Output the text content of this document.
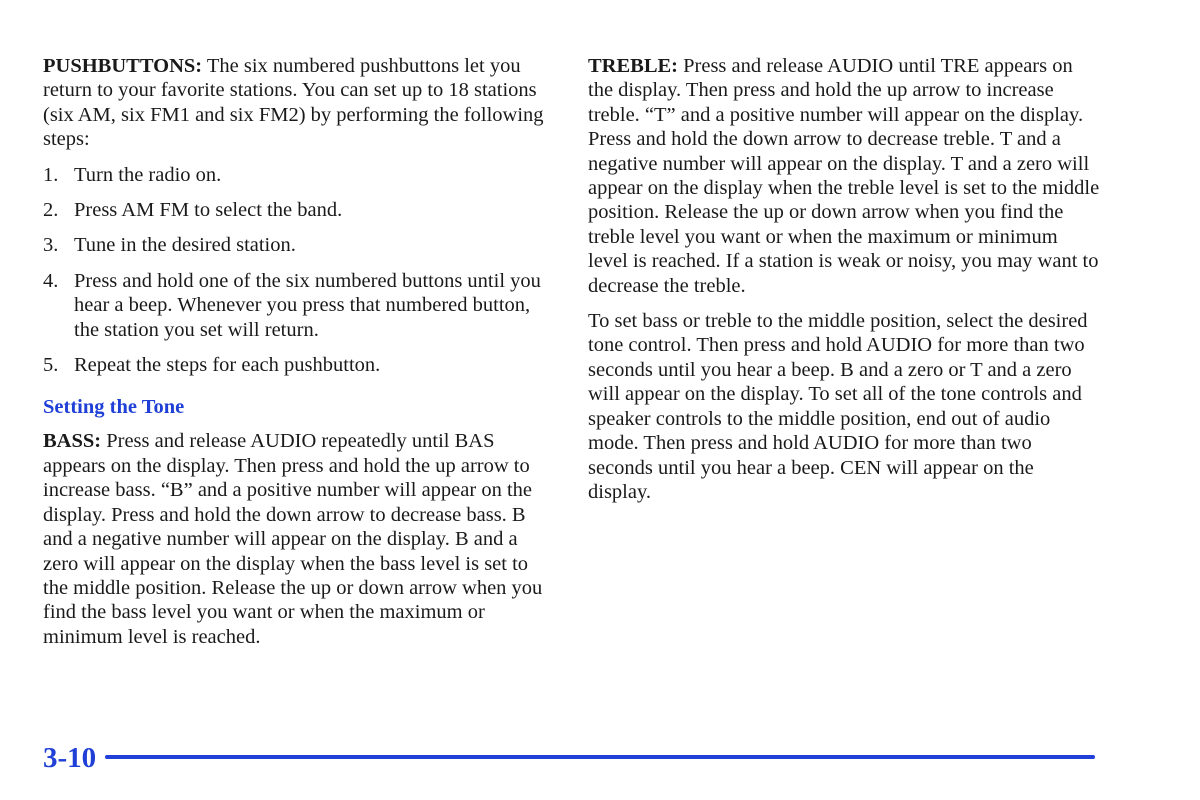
PUSHBUTTONS: The six numbered pushbuttons let you return to your favorite stations. You can set up to 18 stations (six AM, six FM1 and six FM2) by performing the following steps:

1. Turn the radio on.
2. Press AM FM to select the band.
3. Tune in the desired station.
4. Press and hold one of the six numbered buttons until you hear a beep. Whenever you press that numbered button, the station you set will return.
5. Repeat the steps for each pushbutton.
Setting the Tone

BASS: Press and release AUDIO repeatedly until BAS appears on the display. Then press and hold the up arrow to increase bass. “B” and a positive number will appear on the display. Press and hold the down arrow to decrease bass. B and a negative number will appear on the display. B and a zero will appear on the display when the bass level is set to the middle position. Release the up or down arrow when you find the bass level you want or when the maximum or minimum level is reached.

TREBLE: Press and release AUDIO until TRE appears on the display. Then press and hold the up arrow to increase treble. “T” and a positive number will appear on the display. Press and hold the down arrow to decrease treble. T and a negative number will appear on the display. T and a zero will appear on the display when the treble level is set to the middle position. Release the up or down arrow when you find the treble level you want or when the maximum or minimum level is reached. If a station is weak or noisy, you may want to decrease the treble.

To set bass or treble to the middle position, select the desired tone control. Then press and hold AUDIO for more than two seconds until you hear a beep. B and a zero or T and a zero will appear on the display. To set all of the tone controls and speaker controls to the middle position, end out of audio mode. Then press and hold AUDIO for more than two seconds until you hear a beep. CEN will appear on the display.

3-10
